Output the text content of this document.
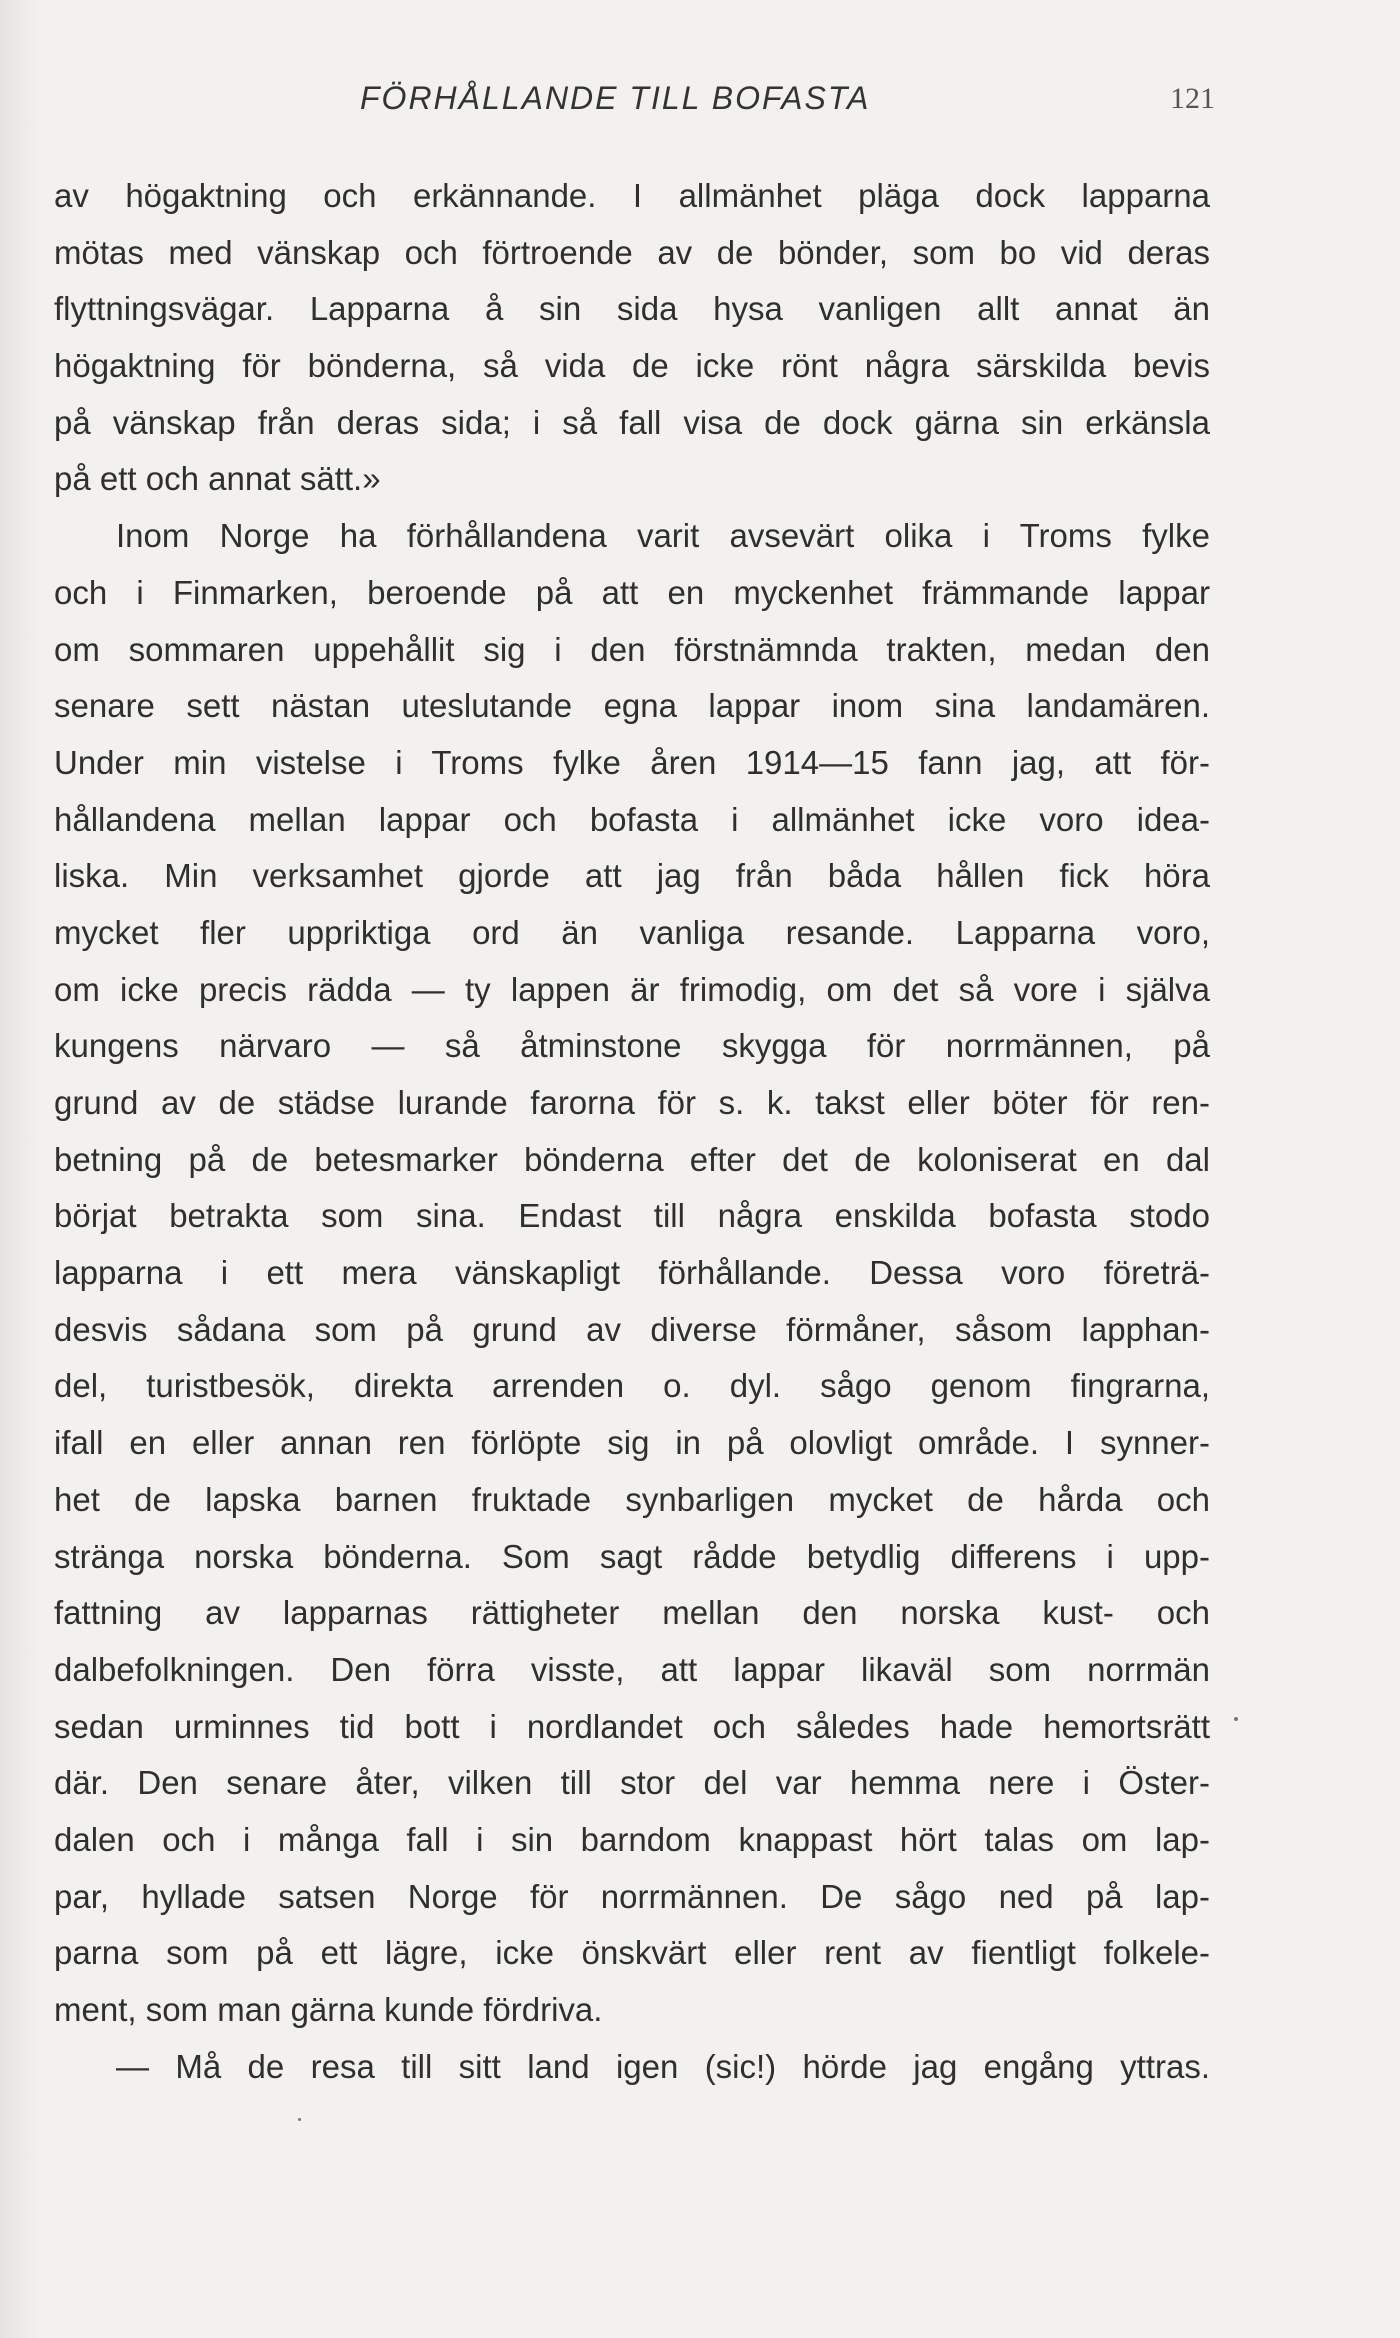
FÖRHÅLLANDE TILL BOFASTA	121
av högaktning och erkännande. I allmänhet pläga dock lapparna
mötas med vänskap och förtroende av de bönder, som bo vid deras
flyttningsvägar. Lapparna å sin sida hysa vanligen allt annat än
högaktning för bönderna, så vida de icke rönt några särskilda bevis
på vänskap från deras sida; i så fall visa de dock gärna sin erkänsla
på ett och annat sätt.»
Inom Norge ha förhållandena varit avsevärt olika i Troms fylke
och i Finmarken, beroende på att en myckenhet främmande lappar
om sommaren uppehållit sig i den förstnämnda trakten, medan den
senare sett nästan uteslutande egna lappar inom sina landamären.
Under min vistelse i Troms fylke åren 1914—15 fann jag, att för-
hållandena mellan lappar och bofasta i allmänhet icke voro idea-
liska. Min verksamhet gjorde att jag från båda hållen fick höra
mycket fler uppriktiga ord än vanliga resande. Lapparna voro,
om icke precis rädda — ty lappen är frimodig, om det så vore i själva
kungens närvaro — så åtminstone skygga för norrmännen, på
grund av de städse lurande farorna för s. k. takst eller böter för ren-
betning på de betesmarker bönderna efter det de koloniserat en dal
börjat betrakta som sina. Endast till några enskilda bofasta stodo
lapparna i ett mera vänskapligt förhållande. Dessa voro företrä-
desvis sådana som på grund av diverse förmåner, såsom lapphan-
del, turistbesök, direkta arrenden o. dyl. sågo genom fingrarna,
ifall en eller annan ren förlöpte sig in på olovligt område. I synner-
het de lapska barnen fruktade synbarligen mycket de hårda och
stränga norska bönderna. Som sagt rådde betydlig differens i upp-
fattning av lapparnas rättigheter mellan den norska kust- och
dalbefolkningen. Den förra visste, att lappar likaväl som norrmän
sedan urminnes tid bott i nordlandet och således hade hemortsrätt
där. Den senare åter, vilken till stor del var hemma nere i Öster-
dalen och i många fall i sin barndom knappast hört talas om lap-
par, hyllade satsen Norge för norrmännen. De sågo ned på lap-
parna som på ett lägre, icke önskvärt eller rent av fientligt folkele-
ment, som man gärna kunde fördriva.
— Må de resa till sitt land igen (sic!) hörde jag engång yttras.
